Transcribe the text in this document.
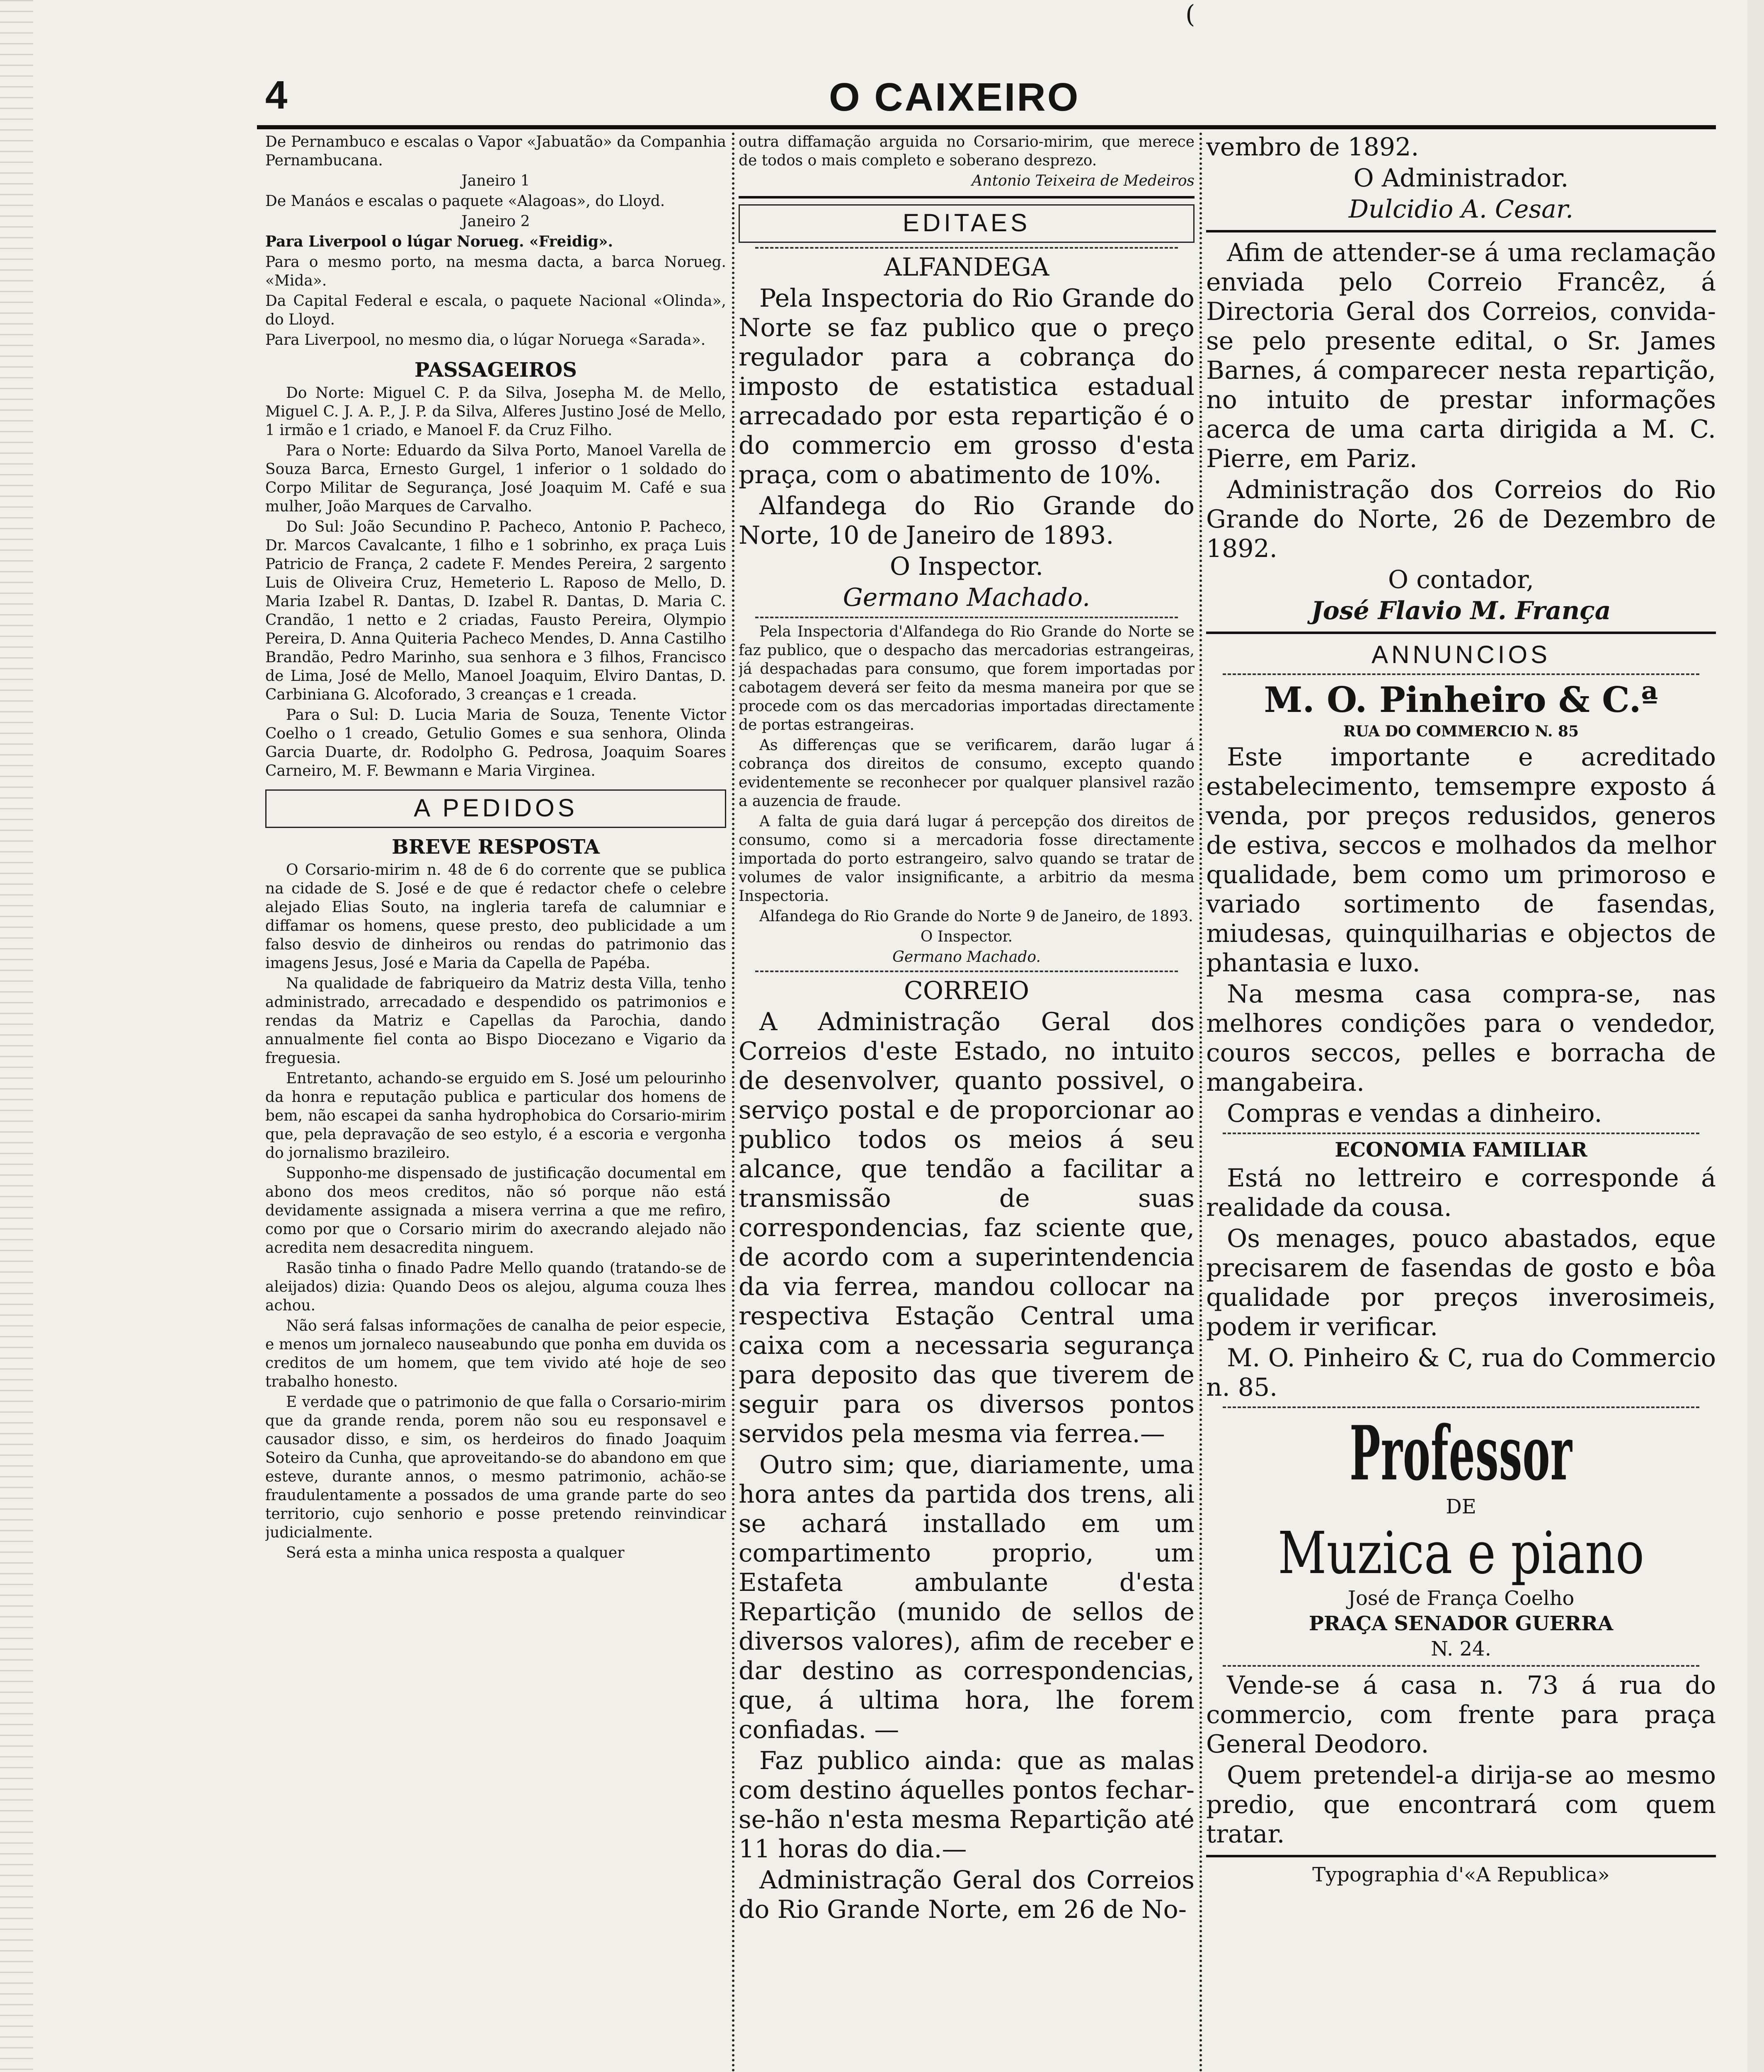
(
4	O CAIXEIRO

De Pernambuco e escalas o Vapor «Jabuatão» da Companhia Pernambucana.

Janeiro 1

De Manáos e escalas o paquete «Alagoas», do Lloyd.

Janeiro 2

Para Liverpool o lúgar Norueg. «Freidig».

Para o mesmo porto, na mesma dacta, a barca Norueg. «Mida».

Da Capital Federal e escala, o paquete Nacional «Olinda», do Lloyd.

Para Liverpool, no mesmo dia, o lúgar Noruega «Sarada».

PASSAGEIROS

Do Norte: Miguel C. P. da Silva, Josepha M. de Mello, Miguel C. J. A. P., J. P. da Silva, Alferes Justino José de Mello, 1 irmão e 1 criado, e Manoel F. da Cruz Filho.

Para o Norte: Eduardo da Silva Porto, Manoel Varella de Souza Barca, Ernesto Gurgel, 1 inferior o 1 soldado do Corpo Militar de Segurança, José Joaquim M. Café e sua mulher, João Marques de Carvalho.

Do Sul: João Secundino P. Pacheco, Antonio P. Pacheco, Dr. Marcos Cavalcante, 1 filho e 1 sobrinho, ex praça Luis Patricio de França, 2 cadete F. Mendes Pereira, 2 sargento Luis de Oliveira Cruz, Hemeterio L. Raposo de Mello, D. Maria Izabel R. Dantas, D. Izabel R. Dantas, D. Maria C. Crandão, 1 netto e 2 criadas, Fausto Pereira, Olympio Pereira, D. Anna Quiteria Pacheco Mendes, D. Anna Castilho Brandão, Pedro Marinho, sua senhora e 3 filhos, Francisco de Lima, José de Mello, Manoel Joaquim, Elviro Dantas, D. Carbiniana G. Alcoforado, 3 creanças e 1 creada.

Para o Sul: D. Lucia Maria de Souza, Tenente Victor Coelho o 1 creado, Getulio Gomes e sua senhora, Olinda Garcia Duarte, dr. Rodolpho G. Pedrosa, Joaquim Soares Carneiro, M. F. Bewmann e Maria Virginea.

A PEDIDOS

BREVE RESPOSTA

O Corsario-mirim n. 48 de 6 do corrente que se publica na cidade de S. José e de que é redactor chefe o celebre alejado Elias Souto, na ingleria tarefa de calumniar e diffamar os homens, quese presto, deo publicidade a um falso desvio de dinheiros ou rendas do patrimonio das imagens Jesus, José e Maria da Capella de Papéba.

Na qualidade de fabriqueiro da Matriz desta Villa, tenho administrado, arrecadado e despendido os patrimonios e rendas da Matriz e Capellas da Parochia, dando annualmente fiel conta ao Bispo Diocezano e Vigario da freguesia.

Entretanto, achando-se erguido em S. José um pelourinho da honra e reputação publica e particular dos homens de bem, não escapei da sanha hydrophobica do Corsario-mirim que, pela depravação de seo estylo, é a escoria e vergonha do jornalismo brazileiro.

Supponho-me dispensado de justificação documental em abono dos meos creditos, não só porque não está devidamente assignada a misera verrina a que me refiro, como por que o Corsario mirim do axecrando alejado não acredita nem desacredita ninguem.

Rasão tinha o finado Padre Mello quando (tratando-se de aleijados) dizia: Quando Deos os alejou, alguma couza lhes achou.

Não será falsas informações de canalha de peior especie, e menos um jornaleco nauseabundo que ponha em duvida os creditos de um homem, que tem vivido até hoje de seo trabalho honesto.

E verdade que o patrimonio de que falla o Corsario-mirim que da grande renda, porem não sou eu responsavel e causador disso, e sim, os herdeiros do finado Joaquim Soteiro da Cunha, que aproveitando-se do abandono em que esteve, durante annos, o mesmo patrimonio, achão-se fraudulentamente a possados de uma grande parte do seo territorio, cujo senhorio e posse pretendo reinvindicar judicialmente.

Será esta a minha unica resposta a qualquer

outra diffamação arguida no Corsario-mirim, que merece de todos o mais completo e soberano desprezo.

Antonio Teixeira de Medeiros

EDITAES

ALFANDEGA

Pela Inspectoria do Rio Grande do Norte se faz publico que o preço regulador para a cobrança do imposto de estatistica estadual arrecadado por esta repartição é o do commercio em grosso d'esta praça, com o abatimento de 10%.

Alfandega do Rio Grande do Norte, 10 de Janeiro de 1893.

O Inspector.

Germano Machado.

Pela Inspectoria d'Alfandega do Rio Grande do Norte se faz publico, que o despacho das mercadorias estrangeiras, já despachadas para consumo, que forem importadas por cabotagem deverá ser feito da mesma maneira por que se procede com os das mercadorias importadas directamente de portas estrangeiras.

As differenças que se verificarem, darão lugar á cobrança dos direitos de consumo, excepto quando evidentemente se reconhecer por qualquer plansivel razão a auzencia de fraude.

A falta de guia dará lugar á percepção dos direitos de consumo, como si a mercadoria fosse directamente importada do porto estrangeiro, salvo quando se tratar de volumes de valor insignificante, a arbitrio da mesma Inspectoria.

Alfandega do Rio Grande do Norte 9 de Janeiro, de 1893.

O Inspector.

Germano Machado.

CORREIO

A Administração Geral dos Correios d'este Estado, no intuito de desenvolver, quanto possivel, o serviço postal e de proporcionar ao publico todos os meios á seu alcance, que tendão a facilitar a transmissão de suas correspondencias, faz sciente que, de acordo com a superintendencia da via ferrea, mandou collocar na respectiva Estação Central uma caixa com a necessaria segurança para deposito das que tiverem de seguir para os diversos pontos servidos pela mesma via ferrea.—

Outro sim; que, diariamente, uma hora antes da partida dos trens, ali se achará installado em um compartimento proprio, um Estafeta ambulante d'esta Repartição (munido de sellos de diversos valores), afim de receber e dar destino as correspondencias, que, á ultima hora, lhe forem confiadas. —

Faz publico ainda: que as malas com destino áquelles pontos fechar-se-hão n'esta mesma Repartição até 11 horas do dia.—

Administração Geral dos Correios do Rio Grande Norte, em 26 de No-

vembro de 1892.

O Administrador.

Dulcidio A. Cesar.

Afim de attender-se á uma reclamação enviada pelo Correio Francêz, á Directoria Geral dos Correios, convida-se pelo presente edital, o Sr. James Barnes, á comparecer nesta repartição, no intuito de prestar informações acerca de uma carta dirigida a M. C. Pierre, em Pariz.

Administração dos Correios do Rio Grande do Norte, 26 de Dezembro de 1892.

O contador,

José Flavio M. França

ANNUNCIOS

M. O. Pinheiro & C.ª

RUA DO COMMERCIO N. 85

Este importante e acreditado estabelecimento, temsempre exposto á venda, por preços redusidos, generos de estiva, seccos e molhados da melhor qualidade, bem como um primoroso e variado sortimento de fasendas, miudesas, quinquilharias e objectos de phantasia e luxo.

Na mesma casa compra-se, nas melhores condições para o vendedor, couros seccos, pelles e borracha de mangabeira.

Compras e vendas a dinheiro.

ECONOMIA FAMILIAR

Está no lettreiro e corresponde á realidade da cousa.

Os menages, pouco abastados, eque precisarem de fasendas de gosto e bôa qualidade por preços inverosimeis, podem ir verificar.

M. O. Pinheiro & C, rua do Commercio n. 85.

Professor

DE

Muzica e piano

José de França Coelho

PRAÇA SENADOR GUERRA

N. 24.

Vende-se á casa n. 73 á rua do commercio, com frente para praça General Deodoro.

Quem pretendel-a dirija-se ao mesmo predio, que encontrará com quem tratar.

Typographia d'«A Republica»
